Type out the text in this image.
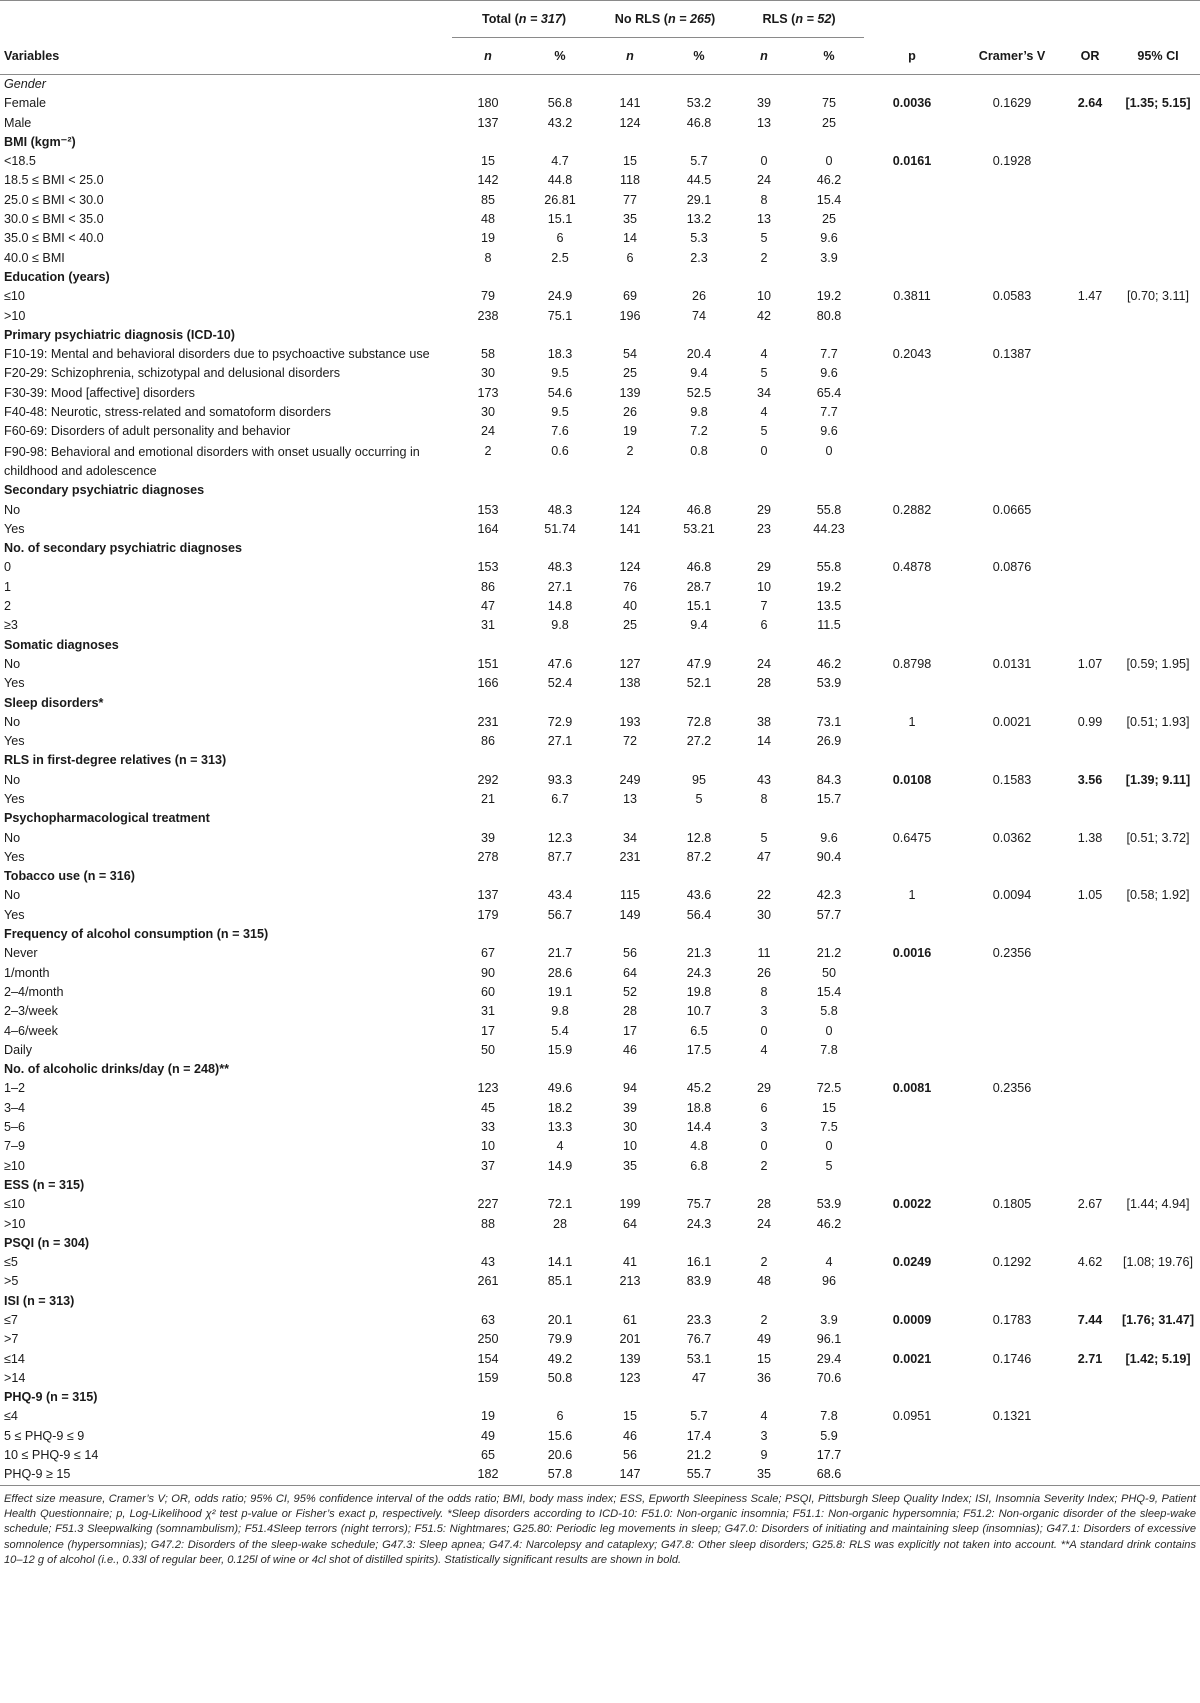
	Total (n = 317)		No RLS (n = 265)		RLS (n = 52)					
Variables	n	%	n	%	n	%	p	Cramer’s V	OR	95% CI
Gender										
Female	180	56.8	141	53.2	39	75	0.0036	0.1629	2.64	[1.35; 5.15]
Male	137	43.2	124	46.8	13	25				
BMI (kgm⁻²)										
<18.5	15	4.7	15	5.7	0	0	0.0161	0.1928		
18.5 ≤ BMI < 25.0	142	44.8	118	44.5	24	46.2				
25.0 ≤ BMI < 30.0	85	26.81	77	29.1	8	15.4				
30.0 ≤ BMI < 35.0	48	15.1	35	13.2	13	25				
35.0 ≤ BMI < 40.0	19	6	14	5.3	5	9.6				
40.0 ≤ BMI	8	2.5	6	2.3	2	3.9				
Education (years)										
≤10	79	24.9	69	26	10	19.2	0.3811	0.0583	1.47	[0.70; 3.11]
>10	238	75.1	196	74	42	80.8				
Primary psychiatric diagnosis (ICD-10)										
F10-19: Mental and behavioral disorders due to psychoactive substance use	58	18.3	54	20.4	4	7.7	0.2043	0.1387		
F20-29: Schizophrenia, schizotypal and delusional disorders	30	9.5	25	9.4	5	9.6				
F30-39: Mood [affective] disorders	173	54.6	139	52.5	34	65.4				
F40-48: Neurotic, stress-related and somatoform disorders	30	9.5	26	9.8	4	7.7				
F60-69: Disorders of adult personality and behavior	24	7.6	19	7.2	5	9.6				
F90-98: Behavioral and emotional disorders with onset usually occurring in childhood and adolescence	2	0.6	2	0.8	0	0				
Secondary psychiatric diagnoses										
No	153	48.3	124	46.8	29	55.8	0.2882	0.0665		
Yes	164	51.74	141	53.21	23	44.23				
No. of secondary psychiatric diagnoses										
0	153	48.3	124	46.8	29	55.8	0.4878	0.0876		
1	86	27.1	76	28.7	10	19.2				
2	47	14.8	40	15.1	7	13.5				
≥3	31	9.8	25	9.4	6	11.5				
Somatic diagnoses										
No	151	47.6	127	47.9	24	46.2	0.8798	0.0131	1.07	[0.59; 1.95]
Yes	166	52.4	138	52.1	28	53.9				
Sleep disorders*										
No	231	72.9	193	72.8	38	73.1	1	0.0021	0.99	[0.51; 1.93]
Yes	86	27.1	72	27.2	14	26.9				
RLS in first-degree relatives (n = 313)										
No	292	93.3	249	95	43	84.3	0.0108	0.1583	3.56	[1.39; 9.11]
Yes	21	6.7	13	5	8	15.7				
Psychopharmacological treatment										
No	39	12.3	34	12.8	5	9.6	0.6475	0.0362	1.38	[0.51; 3.72]
Yes	278	87.7	231	87.2	47	90.4				
Tobacco use (n = 316)										
No	137	43.4	115	43.6	22	42.3	1	0.0094	1.05	[0.58; 1.92]
Yes	179	56.7	149	56.4	30	57.7				
Frequency of alcohol consumption (n = 315)										
Never	67	21.7	56	21.3	11	21.2	0.0016	0.2356		
1/month	90	28.6	64	24.3	26	50				
2–4/month	60	19.1	52	19.8	8	15.4				
2–3/week	31	9.8	28	10.7	3	5.8				
4–6/week	17	5.4	17	6.5	0	0				
Daily	50	15.9	46	17.5	4	7.8				
No. of alcoholic drinks/day (n = 248)**										
1–2	123	49.6	94	45.2	29	72.5	0.0081	0.2356		
3–4	45	18.2	39	18.8	6	15				
5–6	33	13.3	30	14.4	3	7.5				
7–9	10	4	10	4.8	0	0				
≥10	37	14.9	35	6.8	2	5				
ESS (n = 315)										
≤10	227	72.1	199	75.7	28	53.9	0.0022	0.1805	2.67	[1.44; 4.94]
>10	88	28	64	24.3	24	46.2				
PSQI (n = 304)										
≤5	43	14.1	41	16.1	2	4	0.0249	0.1292	4.62	[1.08; 19.76]
>5	261	85.1	213	83.9	48	96				
ISI (n = 313)										
≤7	63	20.1	61	23.3	2	3.9	0.0009	0.1783	7.44	[1.76; 31.47]
>7	250	79.9	201	76.7	49	96.1				
≤14	154	49.2	139	53.1	15	29.4	0.0021	0.1746	2.71	[1.42; 5.19]
>14	159	50.8	123	47	36	70.6				
PHQ-9 (n = 315)										
≤4	19	6	15	5.7	4	7.8	0.0951	0.1321		
5 ≤ PHQ-9 ≤ 9	49	15.6	46	17.4	3	5.9				
10 ≤ PHQ-9 ≤ 14	65	20.6	56	21.2	9	17.7				
PHQ-9 ≥ 15	182	57.8	147	55.7	35	68.6				
Effect size measure, Cramer’s V; OR, odds ratio; 95% CI, 95% confidence interval of the odds ratio; BMI, body mass index; ESS, Epworth Sleepiness Scale; PSQI, Pittsburgh Sleep Quality Index; ISI, Insomnia Severity Index; PHQ-9, Patient Health Questionnaire; p, Log-Likelihood χ² test p-value or Fisher’s exact p, respectively. *Sleep disorders according to ICD-10: F51.0: Non-organic insomnia; F51.1: Non-organic hypersomnia; F51.2: Non-organic disorder of the sleep-wake schedule; F51.3 Sleepwalking (somnambulism); F51.4Sleep terrors (night terrors); F51.5: Nightmares; G25.80: Periodic leg movements in sleep; G47.0: Disorders of initiating and maintaining sleep (insomnias); G47.1: Disorders of excessive somnolence (hypersomnias); G47.2: Disorders of the sleep-wake schedule; G47.3: Sleep apnea; G47.4: Narcolepsy and cataplexy; G47.8: Other sleep disorders; G25.8: RLS was explicitly not taken into account. **A standard drink contains 10–12 g of alcohol (i.e., 0.33l of regular beer, 0.125l of wine or 4cl shot of distilled spirits). Statistically significant results are shown in bold.
